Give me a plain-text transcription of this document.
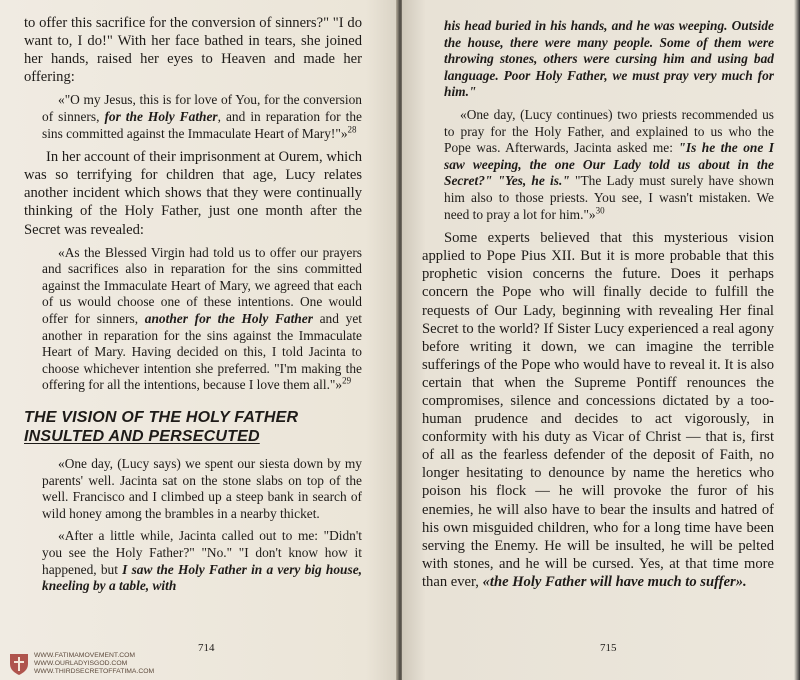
to offer this sacrifice for the conversion of sinners?" "I do want to, I do!" With her face bathed in tears, she joined her hands, raised her eyes to Heaven and made her offering:

«"O my Jesus, this is for love of You, for the conversion of sinners, for the Holy Father, and in reparation for the sins committed against the Immaculate Heart of Mary!"»$^{28}$

In her account of their imprisonment at Ourem, which was so terrifying for children that age, Lucy relates another incident which shows that they were continually thinking of the Holy Father, just one month after the Secret was revealed:

«As the Blessed Virgin had told us to offer our prayers and sacrifices also in reparation for the sins committed against the Immaculate Heart of Mary, we agreed that each of us would choose one of these intentions. One would offer for sinners, another for the Holy Father and yet another in reparation for the sins against the Immaculate Heart of Mary. Having decided on this, I told Jacinta to choose whichever intention she preferred. "I'm making the offering for all the intentions, because I love them all."»$^{29}$

THE VISION OF THE HOLY FATHER
INSULTED AND PERSECUTED

«One day, (Lucy says) we spent our siesta down by my parents' well. Jacinta sat on the stone slabs on top of the well. Francisco and I climbed up a steep bank in search of wild honey among the brambles in a nearby thicket.

«After a little while, Jacinta called out to me: "Didn't you see the Holy Father?" "No." "I don't know how it happened, but I saw the Holy Father in a very big house, kneeling by a table, with

714
WWW.FATIMAMOVEMENT.COM
WWW.OURLADYISGOD.COM
WWW.THIRDSECRETOFFATIMA.COM

his head buried in his hands, and he was weeping. Outside the house, there were many people. Some of them were throwing stones, others were cursing him and using bad language. Poor Holy Father, we must pray very much for him."

«One day, (Lucy continues) two priests recommended us to pray for the Holy Father, and explained to us who the Pope was. Afterwards, Jacinta asked me: "Is he the one I saw weeping, the one Our Lady told us about in the Secret?" "Yes, he is." "The Lady must surely have shown him also to those priests. You see, I wasn't mistaken. We need to pray a lot for him."»$^{30}$

Some experts believed that this mysterious vision applied to Pope Pius XII. But it is more probable that this prophetic vision concerns the future. Does it perhaps concern the Pope who will finally decide to fulfill the requests of Our Lady, beginning with revealing Her final Secret to the world? If Sister Lucy experienced a real agony before writing it down, we can imagine the terrible sufferings of the Pope who would have to reveal it. It is also certain that when the Supreme Pontiff renounces the compromises, silence and concessions dictated by a too-human prudence and decides to act vigorously, in conformity with his duty as Vicar of Christ — that is, first of all as the fearless defender of the deposit of Faith, no longer hesitating to denounce by name the heretics who poison his flock — he will provoke the furor of his enemies, he will also have to bear the insults and hatred of his own misguided children, who for a long time have been serving the Enemy. He will be insulted, he will be pelted with stones, and he will be cursed. Yes, at that time more than ever, «the Holy Father will have much to suffer».

715
